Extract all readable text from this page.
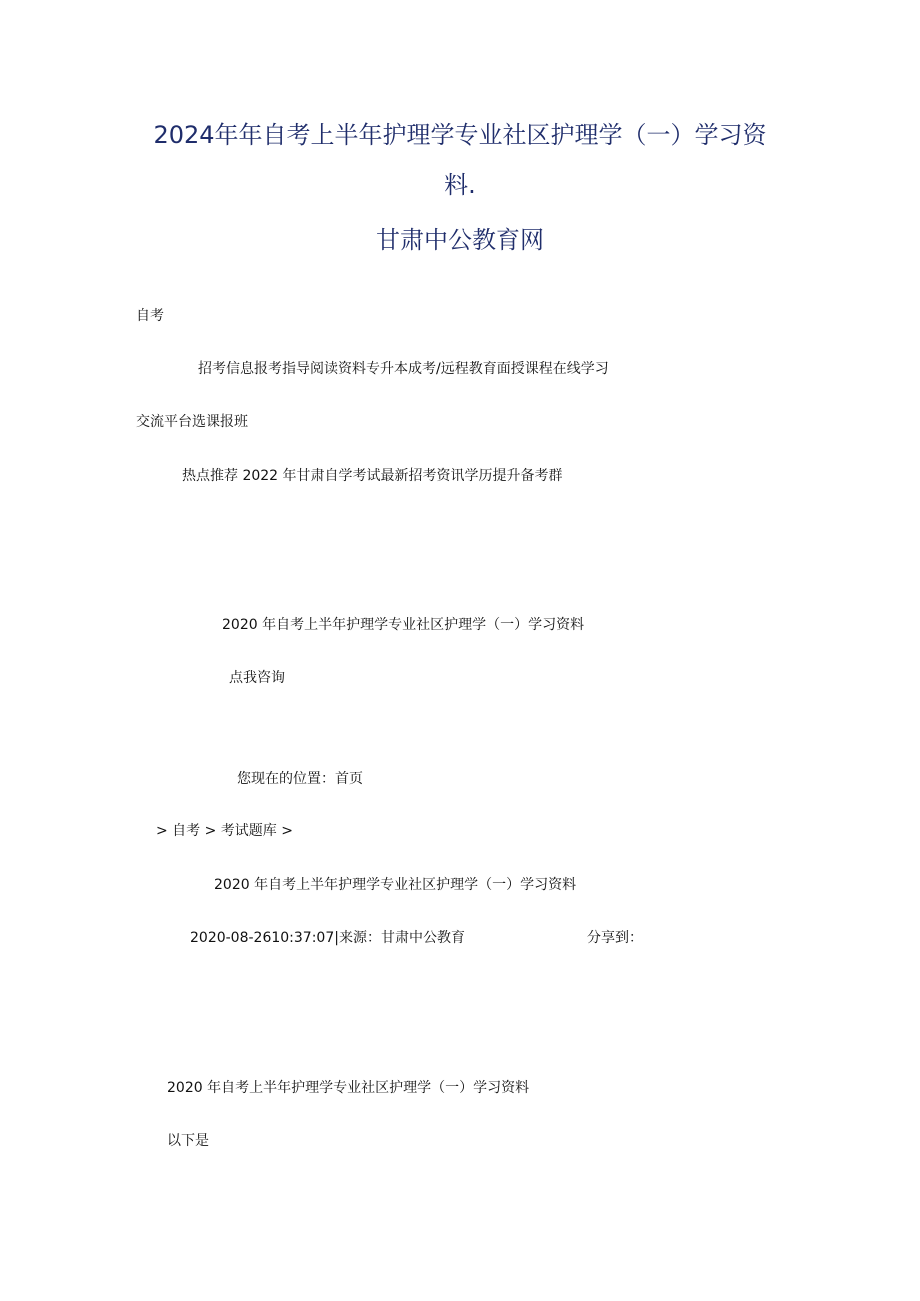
2024年年自考上半年护理学专业社区护理学（一）学习资
料.
甘肃中公教育网
自考
招考信息报考指导阅读资料专升本成考/远程教育面授课程在线学习
交流平台选课报班
热点推荐 2022 年甘肃自学考试最新招考资讯学历提升备考群
2020 年自考上半年护理学专业社区护理学（一）学习资料
点我咨询
您现在的位置：首页
> 自考 > 考试题库 >
2020 年自考上半年护理学专业社区护理学（一）学习资料
2020-08-2610:37:07|来源：甘肃中公教育	分享到：
2020 年自考上半年护理学专业社区护理学（一）学习资料
以下是
